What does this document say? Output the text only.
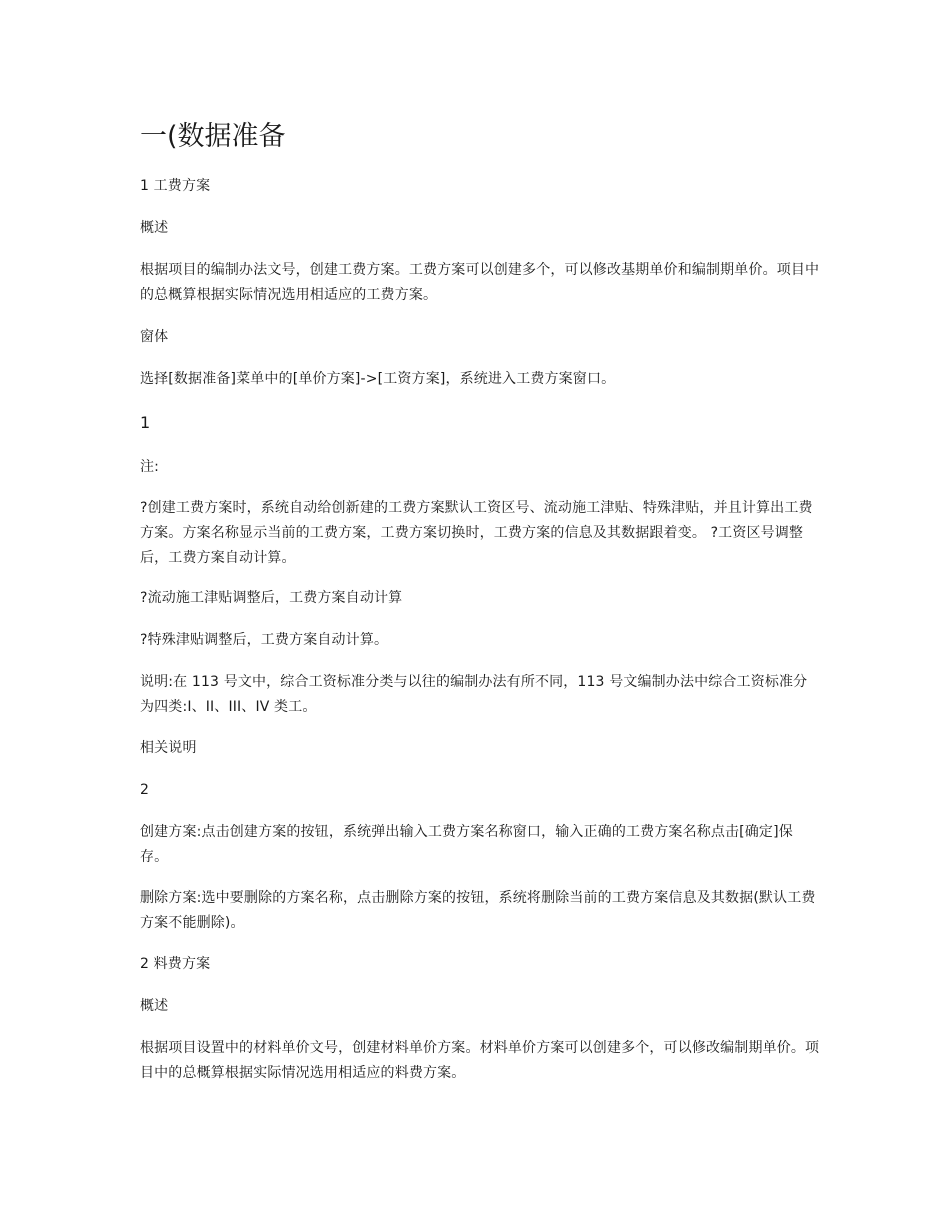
一(数据准备

1 工费方案

概述

根据项目的编制办法文号，创建工费方案。工费方案可以创建多个，可以修改基期单价和编制期单价。项目中的总概算根据实际情况选用相适应的工费方案。

窗体

选择[数据准备]菜单中的[单价方案]->[工资方案]，系统进入工费方案窗口。

1

注:

?创建工费方案时，系统自动给创新建的工费方案默认工资区号、流动施工津贴、特殊津贴，并且计算出工费方案。方案名称显示当前的工费方案，工费方案切换时，工费方案的信息及其数据跟着变。 ?工资区号调整后，工费方案自动计算。

?流动施工津贴调整后，工费方案自动计算

?特殊津贴调整后，工费方案自动计算。

说明:在 113 号文中，综合工资标准分类与以往的编制办法有所不同，113 号文编制办法中综合工资标准分为四类:I、II、III、IV 类工。

相关说明

2

创建方案:点击创建方案的按钮，系统弹出输入工费方案名称窗口，输入正确的工费方案名称点击[确定]保存。

删除方案:选中要删除的方案名称，点击删除方案的按钮，系统将删除当前的工费方案信息及其数据(默认工费方案不能删除)。

2 料费方案

概述

根据项目设置中的材料单价文号，创建材料单价方案。材料单价方案可以创建多个，可以修改编制期单价。项目中的总概算根据实际情况选用相适应的料费方案。
